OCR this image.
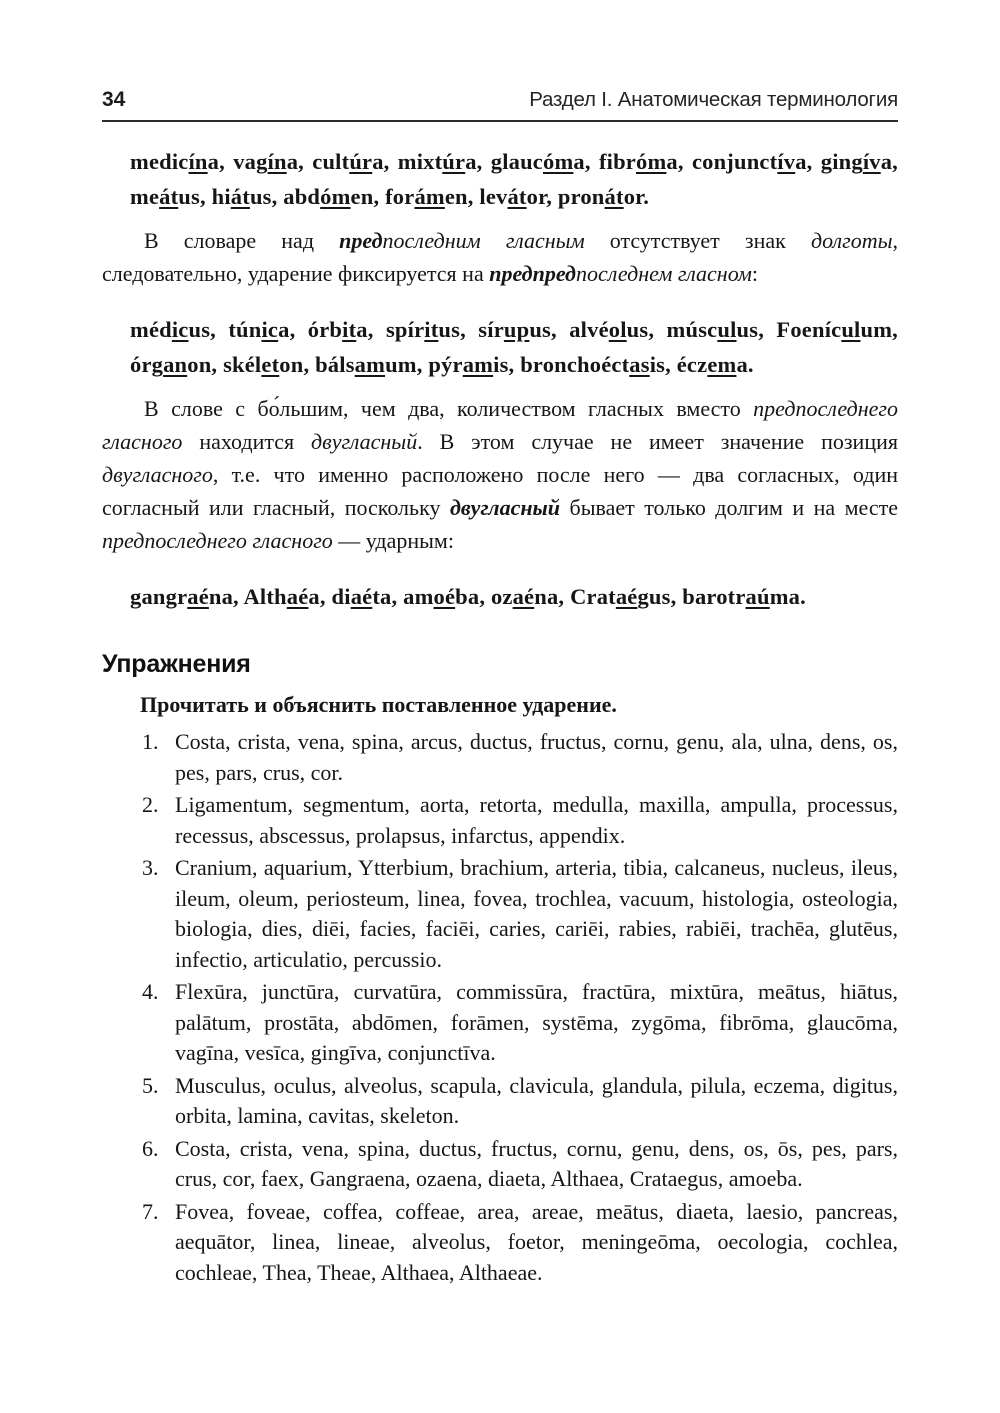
34	Раздел I. Анатомическая терминология

medicína, vagína, cultúra, mixtúra, glaucóma, fibróma, conjunctíva, gingíva, meátus, hiátus, abdómen, forámen, levátor, pronátor.

В словаре над предпоследним гласным отсутствует знак долготы, следовательно, ударение фиксируется на предпредпоследнем гласном:

médicus, túnica, órbita, spíritus, sírupus, alvéolus, músculus, Foenículum, órganon, skéleton, bálsamum, pýramis, bronchoéctasis, éczema.

В слове с бо́льшим, чем два, количеством гласных вместо предпоследнего гласного находится двугласный. В этом случае не имеет значение позиция двугласного, т.е. что именно расположено после него — два согласных, один согласный или гласный, поскольку двугласный бывает только долгим и на месте предпоследнего гласного — ударным:

gangraéna, Althaéa, diaéta, amoéba, ozaéna, Crataégus, barotraúma.

Упражнения

Прочитать и объяснить поставленное ударение.

1. Costa, crista, vena, spina, arcus, ductus, fructus, cornu, genu, ala, ulna, dens, os, pes, pars, crus, cor.
2. Ligamentum, segmentum, aorta, retorta, medulla, maxilla, ampulla, processus, recessus, abscessus, prolapsus, infarctus, appendix.
3. Cranium, aquarium, Ytterbium, brachium, arteria, tibia, calcaneus, nucleus, ileus, ileum, oleum, periosteum, linea, fovea, trochlea, vacuum, histologia, osteologia, biologia, dies, diēi, facies, faciēi, caries, cariēi, rabies, rabiēi, trachēa, glutēus, infectio, articulatio, percussio.
4. Flexūra, junctūra, curvatūra, commissūra, fractūra, mixtūra, meātus, hiātus, palātum, prostāta, abdōmen, forāmen, systēma, zygōma, fibrōma, glaucōma, vagīna, vesīca, gingīva, conjunctīva.
5. Musculus, oculus, alveolus, scapula, clavicula, glandula, pilula, eczema, digitus, orbita, lamina, cavitas, skeleton.
6. Costa, crista, vena, spina, ductus, fructus, cornu, genu, dens, os, ōs, pes, pars, crus, cor, faex, Gangraena, ozaena, diaeta, Althaea, Crataegus, amoeba.
7. Fovea, foveae, coffea, coffeae, area, areae, meātus, diaeta, laesio, pancreas, aequātor, linea, lineae, alveolus, foetor, meningeōma, oecologia, cochlea, cochleae, Thea, Theae, Althaea, Althaeae.
